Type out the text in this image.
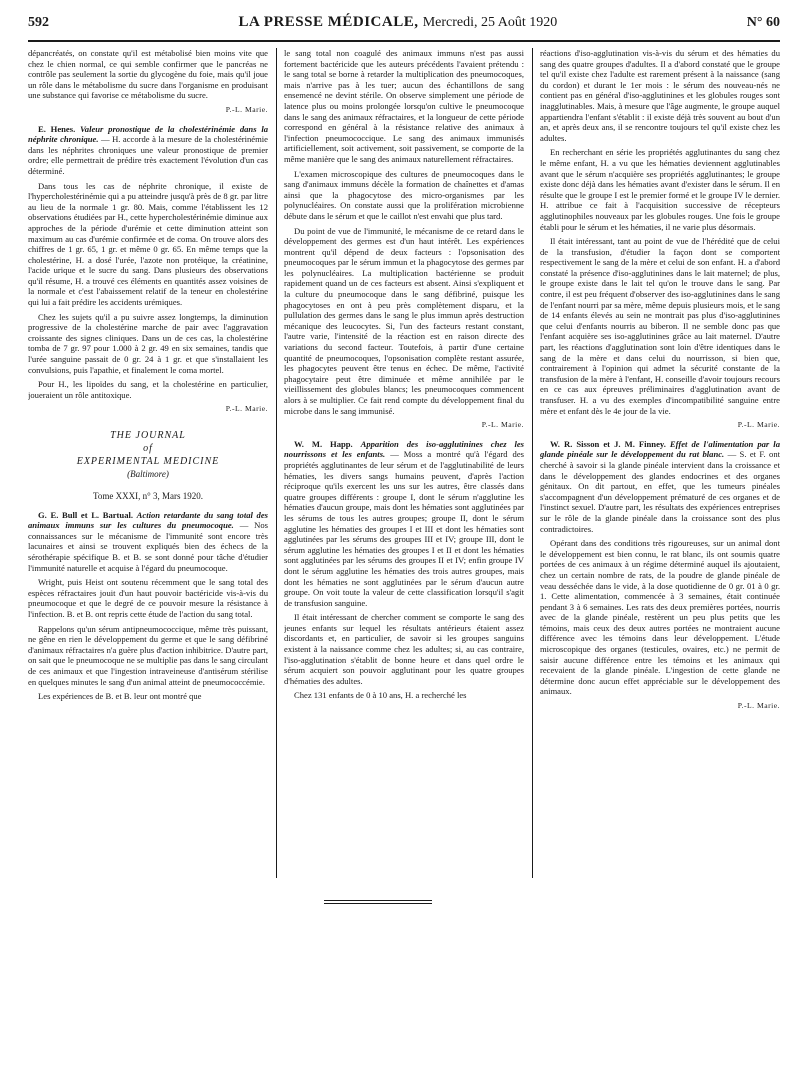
592	LA PRESSE MÉDICALE, Mercredi, 25 Août 1920	N° 60

dépancréatés, on constate qu'il est métabolisé bien moins vite que chez le chien normal, ce qui semble confirmer que le pancréas ne contrôle pas seulement la sortie du glycogène du foie, mais qu'il joue un rôle dans le métabolisme du sucre dans l'organisme en produisant une substance qui favorise ce métabolisme du sucre.

P.-L. Marie.

E. Henes. Valeur pronostique de la cholestérinémie dans la néphrite chronique. — H. accorde à la mesure de la cholestérinémie dans les néphrites chroniques une valeur pronostique de premier ordre; elle permettrait de prédire très exactement l'évolution d'un cas déterminé.

Dans tous les cas de néphrite chronique, il existe de l'hypercholestérinémie qui a pu atteindre jusqu'à près de 8 gr. par litre au lieu de la normale 1 gr. 80. Mais, comme l'établissent les 12 observations étudiées par H., cette hypercholestérinémie diminue aux approches de la période d'urémie et cette diminution atteint son maximum au cas d'urémie confirmée et de coma. On trouve alors des chiffres de 1 gr. 65, 1 gr. et même 0 gr. 65. En même temps que la cholestérine, H. a dosé l'urée, l'azote non protéique, la créatinine, l'acide urique et le sucre du sang. Dans plusieurs des observations qu'il résume, H. a trouvé ces éléments en quantités assez voisines de la normale et c'est l'abaissement relatif de la teneur en cholestérine qui lui a fait prédire les accidents urémiques.

Chez les sujets qu'il a pu suivre assez longtemps, la diminution progressive de la cholestérine marche de pair avec l'aggravation croissante des signes cliniques. Dans un de ces cas, la cholestérine tomba de 7 gr. 97 pour 1.000 à 2 gr. 49 en six semaines, tandis que l'urée sanguine passait de 0 gr. 24 à 1 gr. et que s'installaient les convulsions, puis l'apathie, et finalement le coma mortel.

Pour H., les lipoïdes du sang, et la cholestérine en particulier, joueraient un rôle antitoxique.

P.-L. Marie.
THE JOURNAL
of
EXPERIMENTAL MEDICINE
(Baltimore)
Tome XXXI, n° 3, Mars 1920.

G. E. Bull et L. Bartual. Action retardante du sang total des animaux immuns sur les cultures du pneumocoque. — Nos connaissances sur le mécanisme de l'immunité sont encore très lacunaires et ainsi se trouvent expliqués bien des échecs de la sérothérapie spécifique B. et B. se sont donné pour tâche d'étudier l'immunité naturelle et acquise à l'égard du pneumocoque.

Wright, puis Heist ont soutenu récemment que le sang total des espèces réfractaires jouit d'un haut pouvoir bactéricide vis-à-vis du pneumocoque et que le degré de ce pouvoir mesure la résistance à l'infection. B. et B. ont repris cette étude de l'action du sang total.

Rappelons qu'un sérum antipneumococcique, même très puissant, ne gêne en rien le développement du germe et que le sang défibriné d'animaux réfractaires n'a guère plus d'action inhibitrice. D'autre part, on sait que le pneumocoque ne se multiplie pas dans le sang circulant de ces animaux et que l'ingestion intraveineuse d'antisérum stérilise en quelques minutes le sang d'un animal atteint de pneumococcémie.

Les expériences de B. et B. leur ont montré que

le sang total non coagulé des animaux immuns n'est pas aussi fortement bactéricide que les auteurs précédents l'avaient prétendu : le sang total se borne à retarder la multiplication des pneumocoques, mais n'arrive pas à les tuer; aucun des échantillons de sang ensemencé ne devint stérile. On observe simplement une période de latence plus ou moins prolongée lorsqu'on cultive le pneumocoque dans le sang des animaux réfractaires, et la longueur de cette période correspond en général à la résistance relative des animaux à l'infection pneumococcique. Le sang des animaux immunisés artificiellement, soit activement, soit passivement, se comporte de la même manière que le sang des animaux naturellement réfractaires.

L'examen microscopique des cultures de pneumocoques dans le sang d'animaux immuns décèle la formation de chaînettes et d'amas ainsi que la phagocytose des micro-organismes par les polynucléaires. On constate aussi que la prolifération microbienne débute dans le sérum et que le caillot n'est envahi que plus tard.

Du point de vue de l'immunité, le mécanisme de ce retard dans le développement des germes est d'un haut intérêt. Les expériences montrent qu'il dépend de deux facteurs : l'opsonisation des pneumocoques par le sérum immun et la phagocytose des germes par les polynucléaires. La multiplication bactérienne se produit rapidement quand un de ces facteurs est absent. Ainsi s'expliquent et la culture du pneumocoque dans le sang défibriné, puisque les phagocytoses en ont à peu près complètement disparu, et la pullulation des germes dans le sang le plus immun après destruction mécanique des leucocytes. Si, l'un des facteurs restant constant, l'autre varie, l'intensité de la réaction est en raison directe des variations du second facteur. Toutefois, à partir d'une certaine quantité de pneumocoques, l'opsonisation complète restant assurée, les phagocytes peuvent être tenus en échec. De même, l'activité phagocytaire peut être diminuée et même annihilée par le vieillissement des globules blancs; les pneumocoques commencent alors à se multiplier. Ce fait rend compte du développement final du microbe dans le sang immunisé.

P.-L. Marie.

W. M. Happ. Apparition des iso-agglutinines chez les nourrissons et les enfants. — Moss a montré qu'à l'égard des propriétés agglutinantes de leur sérum et de l'agglutinabilité de leurs hématies, les divers sangs humains peuvent, d'après l'action réciproque qu'ils exercent les uns sur les autres, être classés dans quatre groupes différents : groupe I, dont le sérum n'agglutine les hématies d'aucun groupe, mais dont les hématies sont agglutinées par les sérums de tous les autres groupes; groupe II, dont le sérum agglutine les hématies des groupes I et III et dont les hématies sont agglutinées par les sérums des groupes III et IV; groupe III, dont le sérum agglutine les hématies des groupes I et II et dont les hématies sont agglutinées par les sérums des groupes II et IV; enfin groupe IV dont le sérum agglutine les hématies des trois autres groupes, mais dont les hématies ne sont agglutinées par le sérum d'aucun autre groupe. On voit toute la valeur de cette classification lorsqu'il s'agit de transfusion sanguine.

Il était intéressant de chercher comment se comporte le sang des jeunes enfants sur lequel les résultats antérieurs étaient assez discordants et, en particulier, de savoir si les groupes sanguins existent à la naissance comme chez les adultes; si, au cas contraire, l'iso-agglutination s'établit de bonne heure et dans quel ordre le sérum acquiert son pouvoir agglutinant pour les quatre groupes d'hématies des adultes.

Chez 131 enfants de 0 à 10 ans, H. a recherché les

réactions d'iso-agglutination vis-à-vis du sérum et des hématies du sang des quatre groupes d'adultes. Il a d'abord constaté que le groupe tel qu'il existe chez l'adulte est rarement présent à la naissance (sang du cordon) et durant le 1er mois : le sérum des nouveau-nés ne contient pas en général d'iso-agglutinines et les globules rouges sont inagglutinables. Mais, à mesure que l'âge augmente, le groupe auquel appartiendra l'enfant s'établit : il existe déjà très souvent au bout d'un an, et après deux ans, il se rencontre toujours tel qu'il existe chez les adultes.

En recherchant en série les propriétés agglutinantes du sang chez le même enfant, H. a vu que les hématies deviennent agglutinables avant que le sérum n'acquière ses propriétés agglutinantes; le groupe existe donc déjà dans les hématies avant d'exister dans le sérum. Il en résulte que le groupe I est le premier formé et le groupe IV le dernier. H. attribue ce fait à l'acquisition successive de récepteurs agglutinophiles nouveaux par les globules rouges. Une fois le groupe établi pour le sérum et les hématies, il ne varie plus désormais.

Il était intéressant, tant au point de vue de l'hérédité que de celui de la transfusion, d'étudier la façon dont se comportent respectivement le sang de la mère et celui de son enfant. H. a d'abord constaté la présence d'iso-agglutinines dans le lait maternel; de plus, le groupe existe dans le lait tel qu'on le trouve dans le sang. Par contre, il est peu fréquent d'observer des iso-agglutinines dans le sang de l'enfant nourri par sa mère, même depuis plusieurs mois, et le sang de 14 enfants élevés au sein ne montrait pas plus d'iso-agglutinines que celui d'enfants nourris au biberon. Il ne semble donc pas que l'enfant acquière ses iso-agglutinines grâce au lait maternel. D'autre part, les réactions d'agglutination sont loin d'être identiques dans le sang de la mère et dans celui du nourrisson, si bien que, contrairement à l'opinion qui admet la sécurité constante de la transfusion de la mère à l'enfant, H. conseille d'avoir toujours recours en ce cas aux épreuves préliminaires d'agglutination avant de transfuser. H. a vu des exemples d'incompatibilité sanguine entre mère et enfant dès le 4e jour de la vie.

P.-L. Marie.

W. R. Sisson et J. M. Finney. Effet de l'alimentation par la glande pinéale sur le développement du rat blanc. — S. et F. ont cherché à savoir si la glande pinéale intervient dans la croissance et dans le développement des glandes endocrines et des organes génitaux. On dit partout, en effet, que les tumeurs pinéales s'accompagnent d'un développement prématuré de ces organes et de l'instinct sexuel. D'autre part, les résultats des expériences entreprises sur le rôle de la glande pinéale dans la croissance sont des plus contradictoires.

Opérant dans des conditions très rigoureuses, sur un animal dont le développement est bien connu, le rat blanc, ils ont soumis quatre portées de ces animaux à un régime déterminé auquel ils ajoutaient, chez un certain nombre de rats, de la poudre de glande pinéale de veau desséchée dans le vide, à la dose quotidienne de 0 gr. 01 à 0 gr. 1. Cette alimentation, commencée à 3 semaines, était continuée pendant 3 à 6 semaines. Les rats des deux premières portées, nourris avec de la glande pinéale, restèrent un peu plus petits que les témoins, mais ceux des deux autres portées ne montraient aucune différence avec les témoins dans leur développement. L'étude microscopique des organes (testicules, ovaires, etc.) ne permit de saisir aucune différence entre les témoins et les animaux qui recevaient de la glande pinéale. L'ingestion de cette glande ne détermine donc aucun effet appréciable sur le développement des animaux.

P.-L. Marie.
